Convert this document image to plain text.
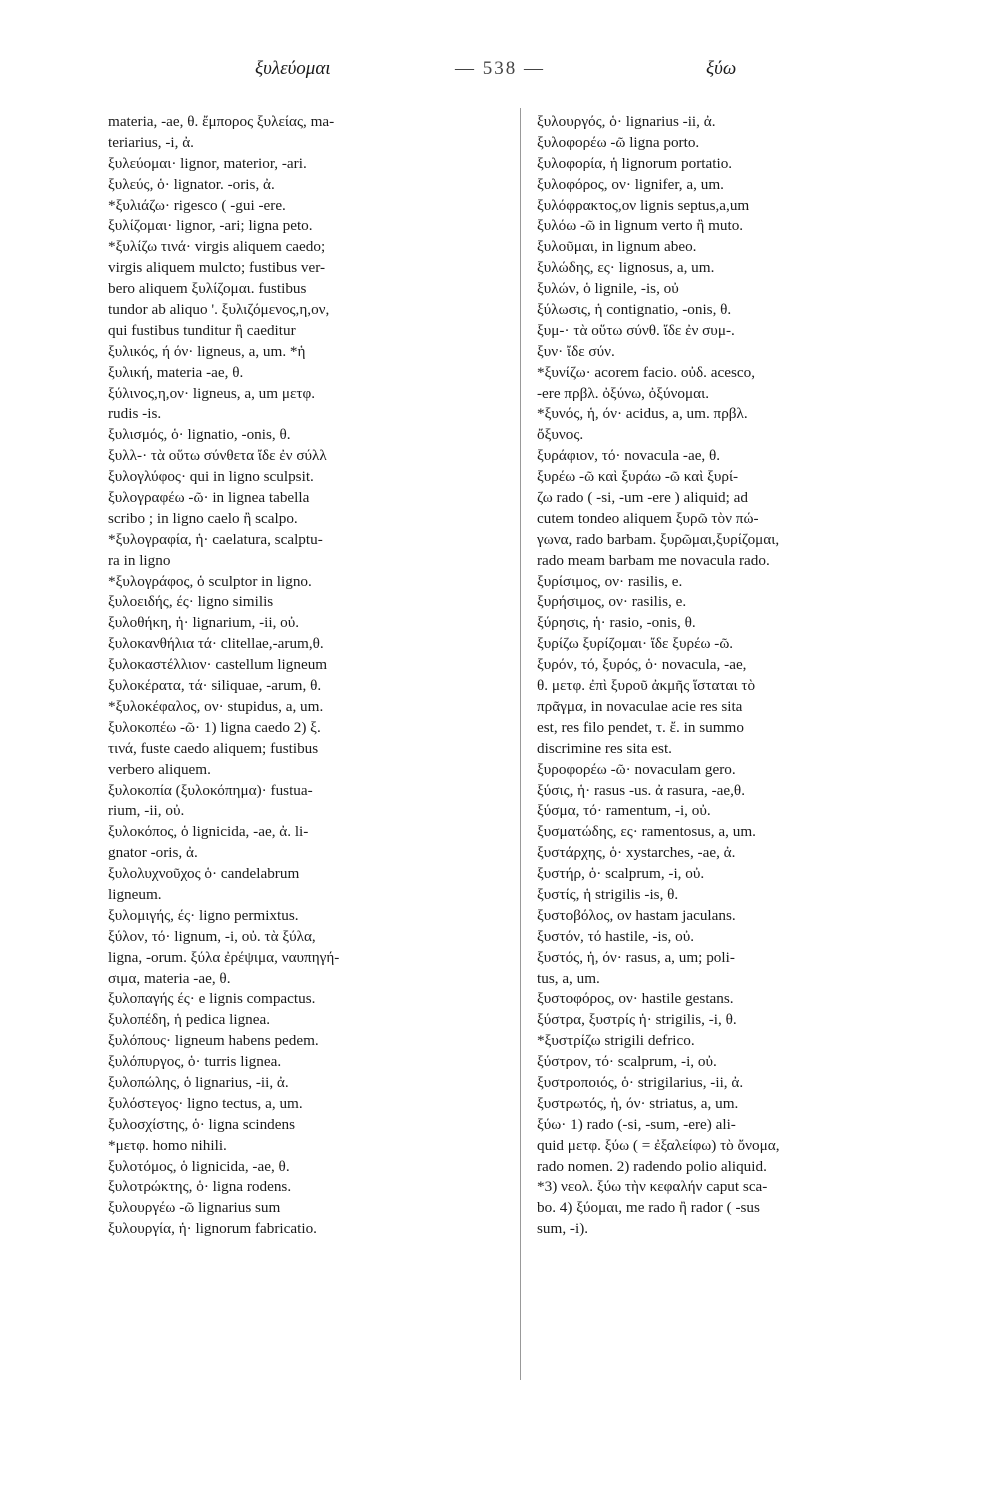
ξυλεύομαι	— 538 —	ξύω
materia, -ae, θ. ἔμπορος ξυλείας, ma-
teriarius, -i, ἀ.
ξυλεύομαι· lignor, materior, -ari.
ξυλεύς, ὁ· lignator. -oris, ἀ.
*ξυλιάζω· rigesco ( -gui -ere.
ξυλίζομαι· lignor, -ari; ligna peto.
*ξυλίζω τινά· virgis aliquem caedo;
virgis aliquem mulcto; fustibus ver-
bero aliquem ξυλίζομαι. fustibus
tundor ab aliquo '. ξυλιζόμενος,η,ον,
qui fustibus tunditur ἢ caeditur
ξυλικός, ή όν· ligneus, a, um. *ἡ
ξυλική, materia -ae, θ.
ξύλινος,η,ον· ligneus, a, um μετφ.
rudis -is.
ξυλισμός, ὁ· lignatio, -onis, θ.
ξυλλ-· τὰ οὕτω σύνθετα ἴδε ἐν σύλλ
ξυλογλύφος· qui in ligno sculpsit.
ξυλογραφέω -ῶ· in lignea tabella
scribo ; in ligno caelo ἢ scalpo.
*ξυλογραφία, ἡ· caelatura, scalptu-
ra in ligno
*ξυλογράφος, ὁ sculptor in ligno.
ξυλοειδής, ές· ligno similis
ξυλοθήκη, ἡ· lignarium, -ii, οὐ.
ξυλοκανθήλια τά· clitellae,-arum,θ.
ξυλοκαστέλλιον· castellum ligneum
ξυλοκέρατα, τά· siliquae, -arum, θ.
*ξυλοκέφαλος, ον· stupidus, a, um.
ξυλοκοπέω -ῶ· 1) ligna caedo 2) ξ.
τινά, fuste caedo aliquem; fustibus
verbero aliquem.
ξυλοκοπία (ξυλοκόπημα)· fustua-
rium, -ii, οὐ.
ξυλοκόπος, ὁ lignicida, -ae, ἀ. li-
gnator -oris, ἀ.
ξυλολυχνοῦχος ὁ· candelabrum
ligneum.
ξυλομιγής, ές· ligno permixtus.
ξύλον, τό· lignum, -i, οὐ. τὰ ξύλα,
ligna, -orum. ξύλα ἐρέψιμα, ναυπηγή-
σιμα, materia -ae, θ.
ξυλοπαγής ές· e lignis compactus.
ξυλοπέδη, ἡ pedica lignea.
ξυλόπους· ligneum habens pedem.
ξυλόπυργος, ὁ· turris lignea.
ξυλοπώλης, ὁ lignarius, -ii, ἀ.
ξυλόστεγος· ligno tectus, a, um.
ξυλοσχίστης, ὁ· ligna scindens
*μετφ. homo nihili.
ξυλοτόμος, ὁ lignicida, -ae, θ.
ξυλοτρώκτης, ὁ· ligna rodens.
ξυλουργέω -ῶ lignarius sum
ξυλουργία, ἡ· lignorum fabricatio.
ξυλουργός, ὁ· lignarius -ii, ἀ.
ξυλοφορέω -ῶ ligna porto.
ξυλοφορία, ἡ lignorum portatio.
ξυλοφόρος, ον· lignifer, a, um.
ξυλόφρακτος,ον lignis septus,a,um
ξυλόω -ῶ in lignum verto ἢ muto.
ξυλοῦμαι, in lignum abeo.
ξυλώδης, ες· lignosus, a, um.
ξυλών, ὁ lignile, -is, οὐ
ξύλωσις, ἡ contignatio, -onis, θ.
ξυμ-· τὰ οὕτω σύνθ. ἴδε ἐν συμ-.
ξυν· ἴδε σύν.
*ξυνίζω· acorem facio. οὐδ. acesco,
-ere πρβλ. ὀξύνω, ὀξύνομαι.
*ξυνός, ἡ, όν· acidus, a, um. πρβλ.
ὄξυνος.
ξυράφιον, τό· novacula -ae, θ.
ξυρέω -ῶ καὶ ξυράω -ῶ καὶ ξυρί-
ζω rado ( -si, -um -ere ) aliquid; ad
cutem tondeo aliquem ξυρῶ τὸν πώ-
γωνα, rado barbam. ξυρῶμαι,ξυρίζομαι,
rado meam barbam me novacula rado.
ξυρίσιμος, ον· rasilis, e.
ξυρήσιμος, ον· rasilis, e.
ξύρησις, ἡ· rasio, -onis, θ.
ξυρίζω ξυρίζομαι· ἴδε ξυρέω -ῶ.
ξυρόν, τό, ξυρός, ὁ· novacula, -ae,
θ. μετφ. ἐπὶ ξυροῦ ἀκμῆς ἵσταται τὸ
πρᾶγμα, in novaculae acie res sita
est, res filo pendet, τ. ἔ. in summo
discrimine res sita est.
ξυροφορέω -ῶ· novaculam gero.
ξύσις, ἡ· rasus -us. ἀ rasura, -ae,θ.
ξύσμα, τό· ramentum, -i, οὐ.
ξυσματώδης, ες· ramentosus, a, um.
ξυστάρχης, ὁ· xystarches, -ae, ἀ.
ξυστήρ, ὁ· scalprum, -i, οὐ.
ξυστίς, ἡ strigilis -is, θ.
ξυστοβόλος, ον hastam jaculans.
ξυστόν, τό hastile, -is, οὐ.
ξυστός, ἡ, όν· rasus, a, um; poli-
tus, a, um.
ξυστοφόρος, ον· hastile gestans.
ξύστρα, ξυστρίς ἡ· strigilis, -i, θ.
*ξυστρίζω strigili defrico.
ξύστρον, τό· scalprum, -i, οὐ.
ξυστροποιός, ὁ· strigilarius, -ii, ἀ.
ξυστρωτός, ἡ, όν· striatus, a, um.
ξύω· 1) rado (-si, -sum, -ere) ali-
quid μετφ. ξύω ( = ἐξαλείφω) τὸ ὄνομα,
rado nomen. 2) radendo polio aliquid.
*3) νεολ. ξύω τὴν κεφαλήν caput sca-
bo. 4) ξύομαι, me rado ἢ rador ( -sus
sum, -i).
